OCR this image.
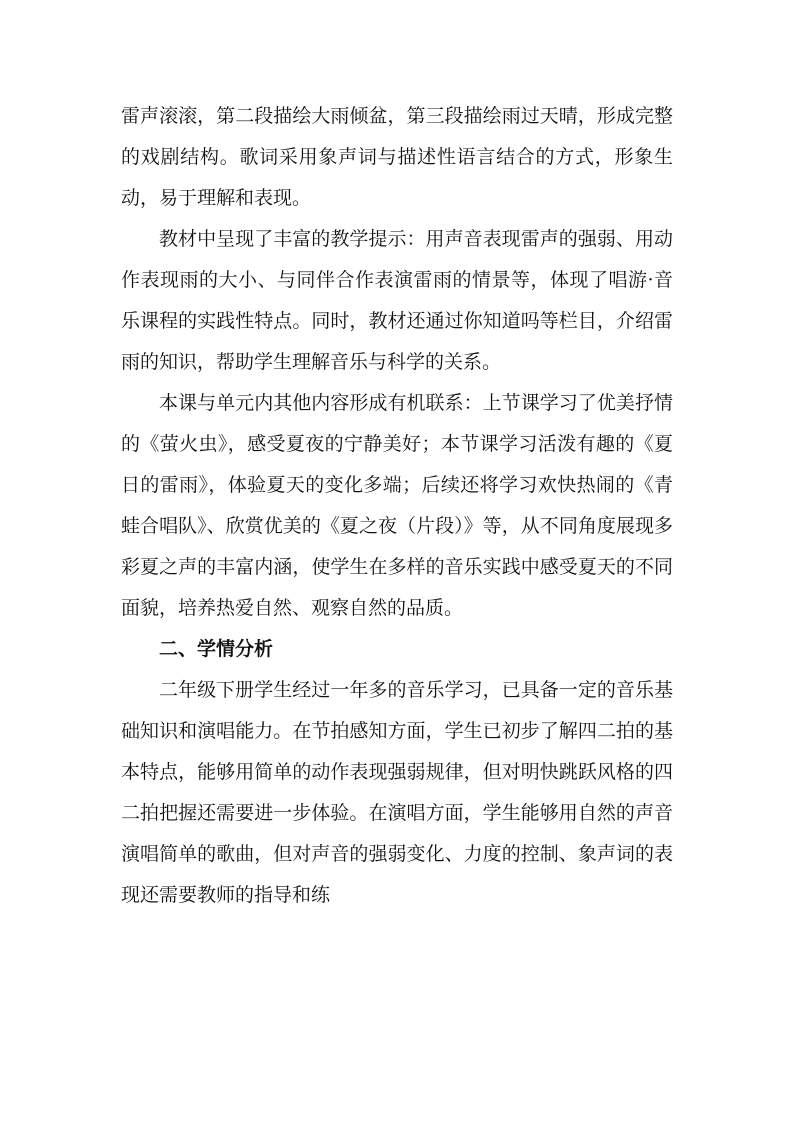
雷声滚滚，第二段描绘大雨倾盆，第三段描绘雨过天晴，形成完整的戏剧结构。歌词采用象声词与描述性语言结合的方式，形象生动，易于理解和表现。

教材中呈现了丰富的教学提示：用声音表现雷声的强弱、用动作表现雨的大小、与同伴合作表演雷雨的情景等，体现了唱游·音乐课程的实践性特点。同时，教材还通过你知道吗等栏目，介绍雷雨的知识，帮助学生理解音乐与科学的关系。

本课与单元内其他内容形成有机联系：上节课学习了优美抒情的《萤火虫》，感受夏夜的宁静美好；本节课学习活泼有趣的《夏日的雷雨》，体验夏天的变化多端；后续还将学习欢快热闹的《青蛙合唱队》、欣赏优美的《夏之夜（片段）》等，从不同角度展现多彩夏之声的丰富内涵，使学生在多样的音乐实践中感受夏天的不同面貌，培养热爱自然、观察自然的品质。

二、学情分析

二年级下册学生经过一年多的音乐学习，已具备一定的音乐基础知识和演唱能力。在节拍感知方面，学生已初步了解四二拍的基本特点，能够用简单的动作表现强弱规律，但对明快跳跃风格的四二拍把握还需要进一步体验。在演唱方面，学生能够用自然的声音演唱简单的歌曲，但对声音的强弱变化、力度的控制、象声词的表现还需要教师的指导和练
